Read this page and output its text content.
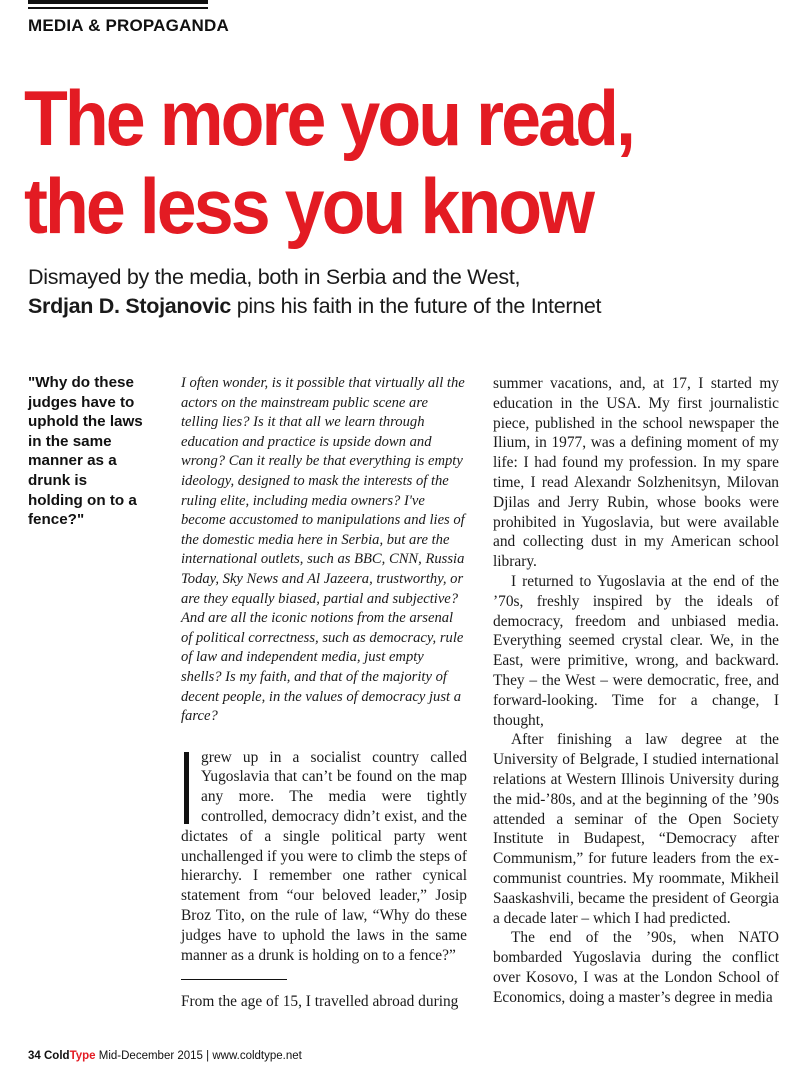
MEDIA & PROPAGANDA
The more you read,
the less you know
Dismayed by the media, both in Serbia and the West,
Srdjan D. Stojanovic pins his faith in the future of the Internet
"Why do these judges have to uphold the laws in the same manner as a drunk is holding on to a fence?"

I often wonder, is it possible that virtually all the actors on the mainstream public scene are telling lies? Is it that all we learn through education and practice is upside down and wrong? Can it really be that everything is empty ideology, designed to mask the interests of the ruling elite, including media owners? I've become accustomed to manipulations and lies of the domestic media here in Serbia, but are the international outlets, such as BBC, CNN, Russia Today, Sky News and Al Jazeera, trustworthy, or are they equally biased, partial and subjective? And are all the iconic notions from the arsenal of political correctness, such as democracy, rule of law and independent media, just empty shells? Is my faith, and that of the majority of decent people, in the values of democracy just a farce?

grew up in a socialist country called Yugoslavia that can’t be found on the map any more. The media were tightly controlled, democracy didn’t exist, and the dictates of a single political party went unchallenged if you were to climb the steps of hierarchy. I remember one rather cynical statement from “our beloved leader,” Josip Broz Tito, on the rule of law, “Why do these judges have to uphold the laws in the same manner as a drunk is holding on to a fence?”

From the age of 15, I travelled abroad during

summer vacations, and, at 17, I started my education in the USA. My first journalistic piece, published in the school newspaper the Ilium, in 1977, was a defining moment of my life: I had found my profession. In my spare time, I read Alexandr Solzhenitsyn, Milovan Djilas and Jerry Rubin, whose books were prohibited in Yugoslavia, but were available and collecting dust in my American school library.

I returned to Yugoslavia at the end of the ’70s, freshly inspired by the ideals of democracy, freedom and unbiased media. Everything seemed crystal clear. We, in the East, were primitive, wrong, and backward. They – the West – were democratic, free, and forward-looking. Time for a change, I thought,

After finishing a law degree at the University of Belgrade, I studied international relations at Western Illinois University during the mid-’80s, and at the beginning of the ’90s attended a seminar of the Open Society Institute in Budapest, “Democracy after Communism,” for future leaders from the ex-communist countries. My roommate, Mikheil Saaskashvili, became the president of Georgia a decade later – which I had predicted.

The end of the ’90s, when NATO bombarded Yugoslavia during the conflict over Kosovo, I was at the London School of Economics, doing a master’s degree in media

34 ColdType Mid-December 2015 | www.coldtype.net
